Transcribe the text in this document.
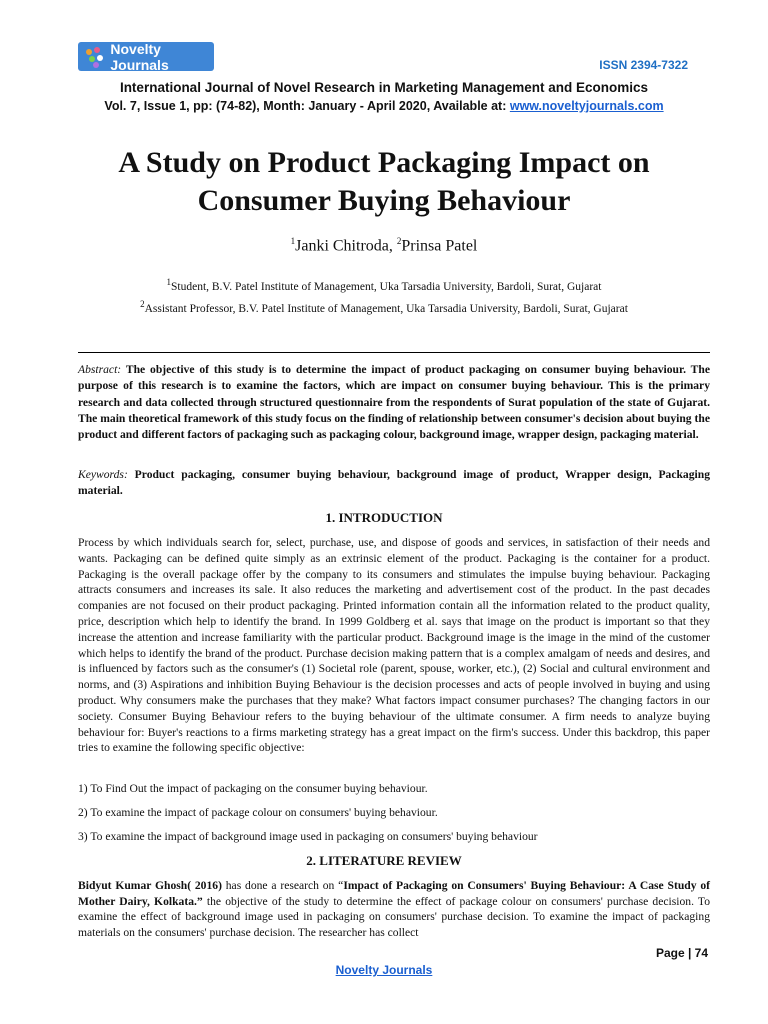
Novelty Journals	ISSN 2394-7322
International Journal of Novel Research in Marketing Management and Economics
Vol. 7, Issue 1, pp: (74-82), Month: January - April 2020, Available at: www.noveltyjournals.com
A Study on Product Packaging Impact on Consumer Buying Behaviour
$^1$Janki Chitroda, $^2$Prinsa Patel
$^1$Student, B.V. Patel Institute of Management, Uka Tarsadia University, Bardoli, Surat, Gujarat
$^2$Assistant Professor, B.V. Patel Institute of Management, Uka Tarsadia University, Bardoli, Surat, Gujarat
Abstract: The objective of this study is to determine the impact of product packaging on consumer buying behaviour. The purpose of this research is to examine the factors, which are impact on consumer buying behaviour. This is the primary research and data collected through structured questionnaire from the respondents of Surat population of the state of Gujarat. The main theoretical framework of this study focus on the finding of relationship between consumer's decision about buying the product and different factors of packaging such as packaging colour, background image, wrapper design, packaging material.
Keywords: Product packaging, consumer buying behaviour, background image of product, Wrapper design, Packaging material.
1. INTRODUCTION
Process by which individuals search for, select, purchase, use, and dispose of goods and services, in satisfaction of their needs and wants. Packaging can be defined quite simply as an extrinsic element of the product. Packaging is the container for a product. Packaging is the overall package offer by the company to its consumers and stimulates the impulse buying behaviour. Packaging attracts consumers and increases its sale. It also reduces the marketing and advertisement cost of the product. In the past decades companies are not focused on their product packaging. Printed information contain all the information related to the product quality, price, description which help to identify the brand. In 1999 Goldberg et al. says that image on the product is important so that they increase the attention and increase familiarity with the particular product. Background image is the image in the mind of the customer which helps to identify the brand of the product. Purchase decision making pattern that is a complex amalgam of needs and desires, and is influenced by factors such as the consumer's (1) Societal role (parent, spouse, worker, etc.), (2) Social and cultural environment and norms, and (3) Aspirations and inhibition Buying Behaviour is the decision processes and acts of people involved in buying and using product. Why consumers make the purchases that they make? What factors impact consumer purchases? The changing factors in our society. Consumer Buying Behaviour refers to the buying behaviour of the ultimate consumer. A firm needs to analyze buying behaviour for: Buyer's reactions to a firms marketing strategy has a great impact on the firm's success. Under this backdrop, this paper tries to examine the following specific objective:
1) To Find Out the impact of packaging on the consumer buying behaviour.
2) To examine the impact of package colour on consumers' buying behaviour.
3) To examine the impact of background image used in packaging on consumers' buying behaviour
2. LITERATURE REVIEW
Bidyut Kumar Ghosh( 2016) has done a research on “Impact of Packaging on Consumers' Buying Behaviour: A Case Study of Mother Dairy, Kolkata.” the objective of the study to determine the effect of package colour on consumers' purchase decision. To examine the effect of background image used in packaging on consumers' purchase decision. To examine the impact of packaging materials on the consumers' purchase decision. The researcher has collect
Page | 74
Novelty Journals
